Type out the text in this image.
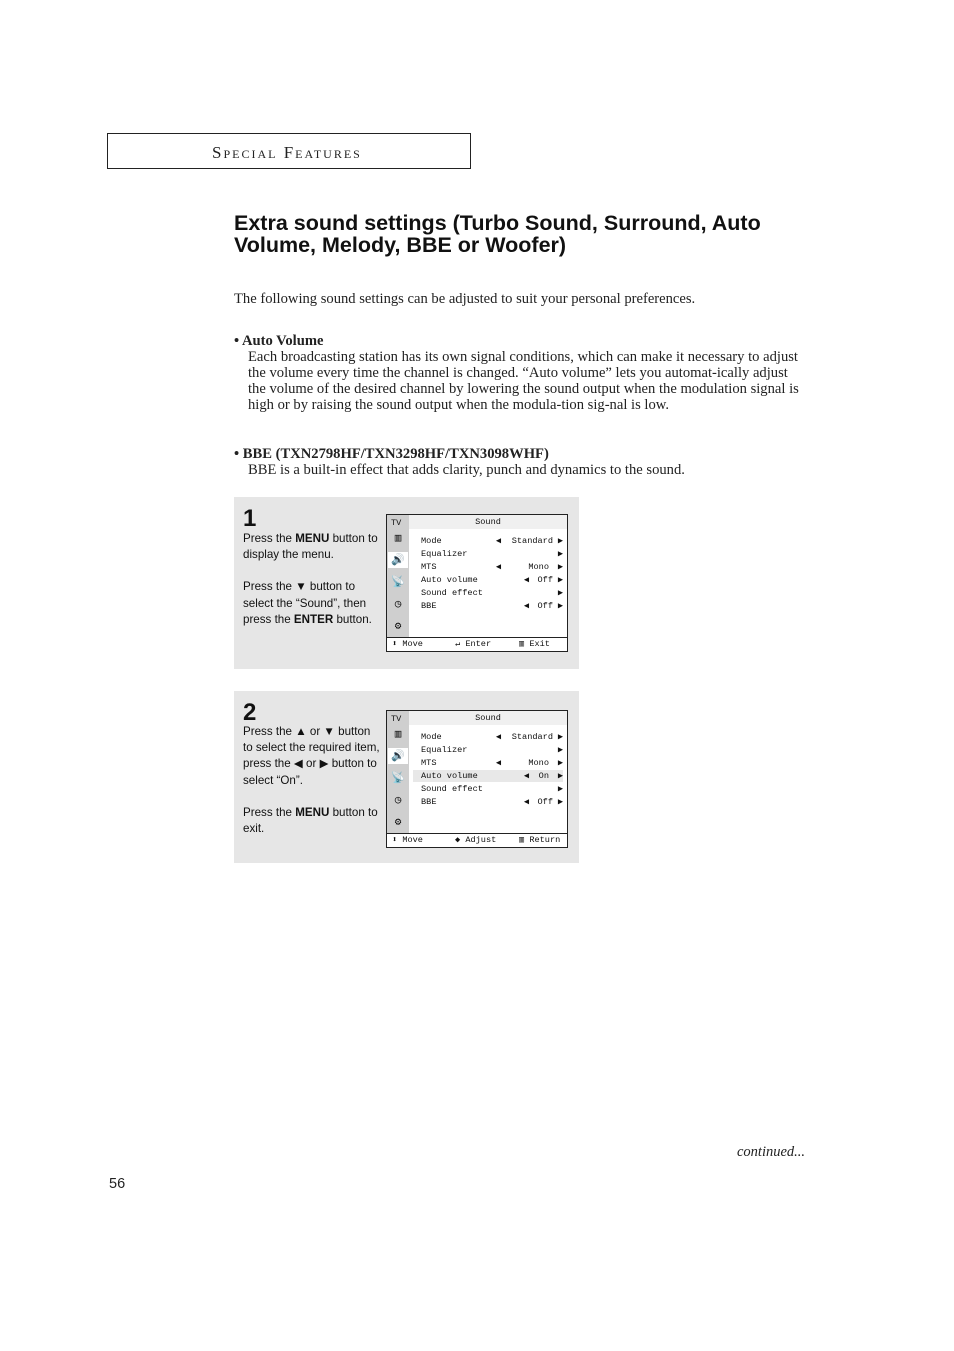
Special Features
Extra sound settings (Turbo Sound, Surround, Auto Volume, Melody, BBE or Woofer)
The following sound settings can be adjusted to suit your personal preferences.
• Auto Volume
Each broadcasting station has its own signal conditions, which can make it necessary to adjust the volume every time the channel is changed. “Auto volume” lets you automat-ically adjust the volume of the desired channel by lowering the sound output when the modulation signal is high or by raising the sound output when the modula-tion sig-nal is low.
• BBE (TXN2798HF/TXN3298HF/TXN3098WHF)
BBE is a built-in effect that adds clarity, punch and dynamics to the sound.
1

Press the MENU button to display the menu.

Press the ▼ button to select the “Sound”, then press the ENTER button.

TV	Sound
▥
🔊
📡
◷
⚙
Mode	◀ Standard ▶
Equalizer	▶
MTS	◀	Mono ▶
Auto volume	◀ Off ▶
Sound effect	▶
BBE	◀ Off ▶
⬍ Move	↵ Enter	▥ Exit
2

Press the ▲ or ▼ button to select the required item, press the ◀ or ▶ button to select “On”.

Press the MENU button to exit.

TV	Sound
▥
🔊
📡
◷
⚙
Mode	◀ Standard ▶
Equalizer	▶
MTS	◀	Mono ▶
Auto volume	◀ On ▶
Sound effect	▶
BBE	◀ Off ▶
⬍ Move	◆ Adjust	▥ Return
continued...
56
